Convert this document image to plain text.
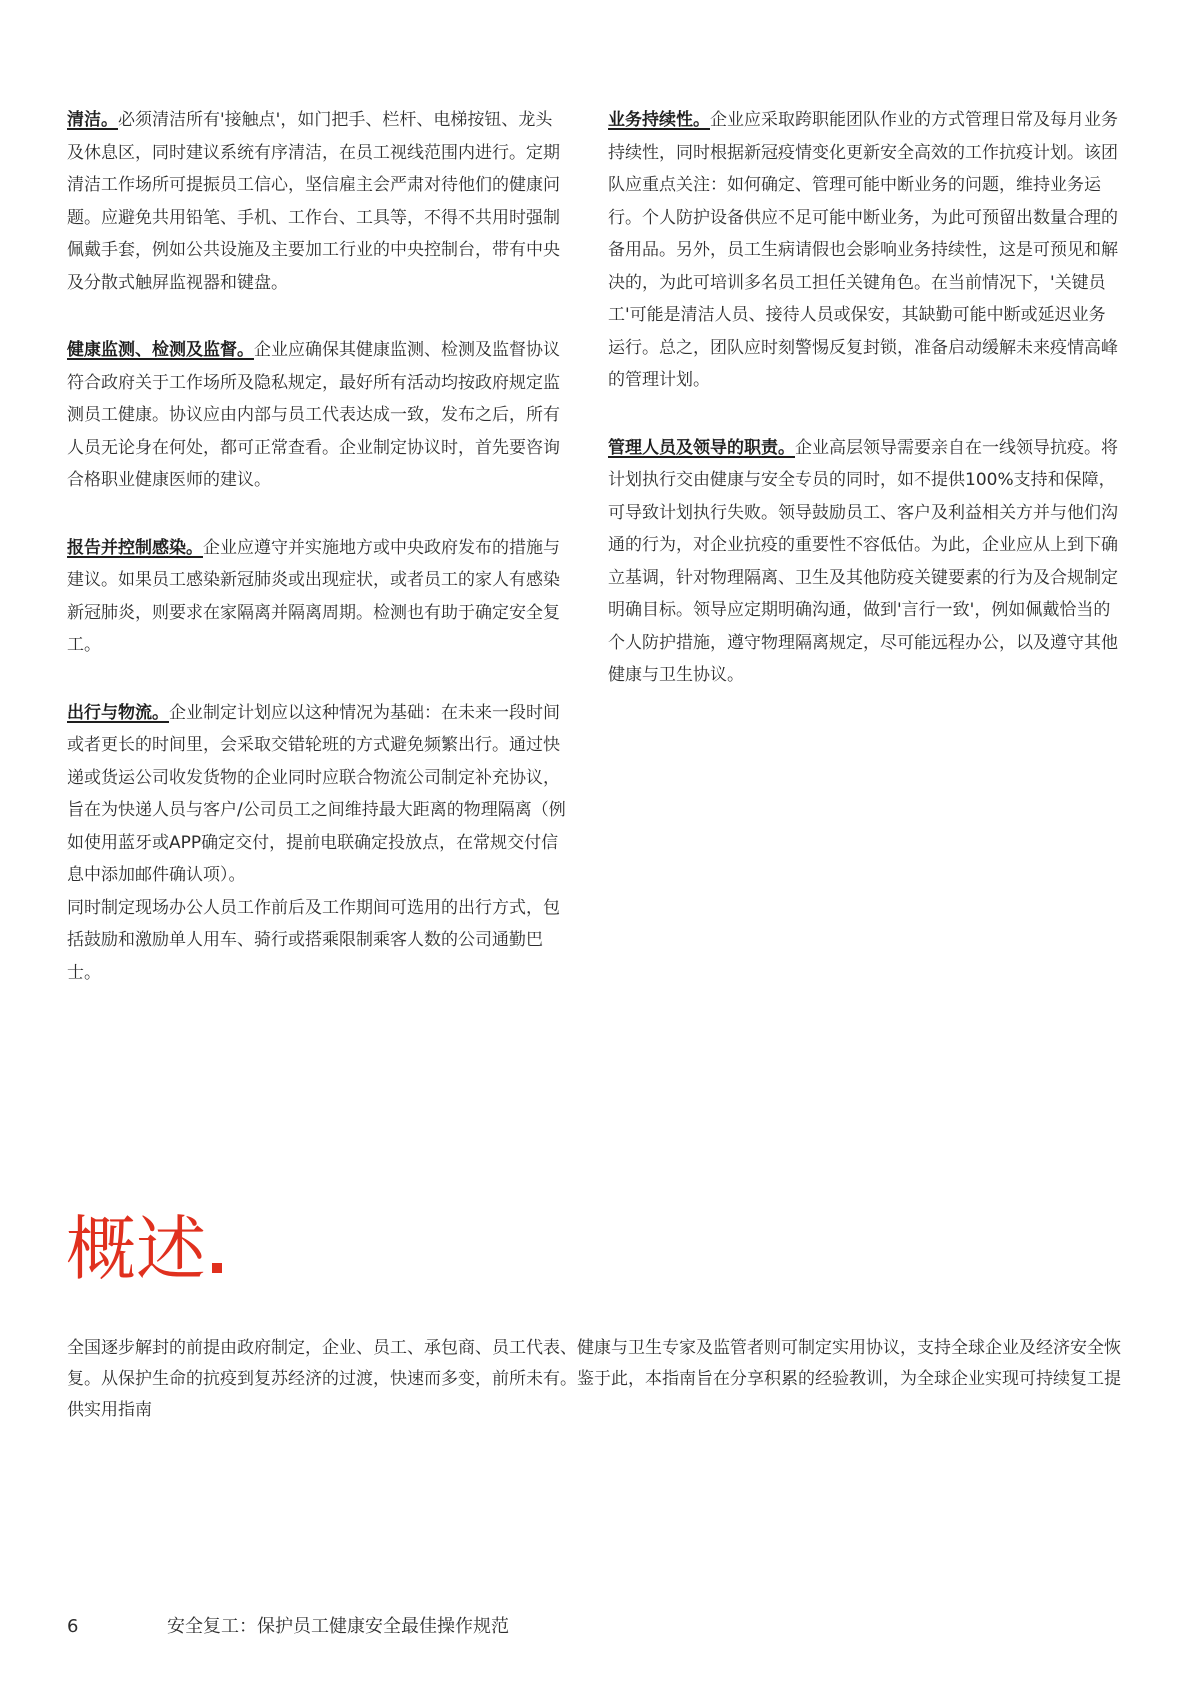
清洁。必须清洁所有'接触点'，如门把手、栏杆、电梯按钮、龙头及休息区，同时建议系统有序清洁，在员工视线范围内进行。定期清洁工作场所可提振员工信心，坚信雇主会严肃对待他们的健康问题。应避免共用铅笔、手机、工作台、工具等，不得不共用时强制佩戴手套，例如公共设施及主要加工行业的中央控制台，带有中央及分散式触屏监视器和键盘。

健康监测、检测及监督。企业应确保其健康监测、检测及监督协议符合政府关于工作场所及隐私规定，最好所有活动均按政府规定监测员工健康。协议应由内部与员工代表达成一致，发布之后，所有人员无论身在何处，都可正常查看。企业制定协议时，首先要咨询合格职业健康医师的建议。

报告并控制感染。企业应遵守并实施地方或中央政府发布的措施与建议。如果员工感染新冠肺炎或出现症状，或者员工的家人有感染新冠肺炎，则要求在家隔离并隔离周期。检测也有助于确定安全复工。

出行与物流。企业制定计划应以这种情况为基础：在未来一段时间或者更长的时间里，会采取交错轮班的方式避免频繁出行。通过快递或货运公司收发货物的企业同时应联合物流公司制定补充协议，旨在为快递人员与客户/公司员工之间维持最大距离的物理隔离（例如使用蓝牙或APP确定交付，提前电联确定投放点，在常规交付信息中添加邮件确认项）。
同时制定现场办公人员工作前后及工作期间可选用的出行方式，包括鼓励和激励单人用车、骑行或搭乘限制乘客人数的公司通勤巴士。

业务持续性。企业应采取跨职能团队作业的方式管理日常及每月业务持续性，同时根据新冠疫情变化更新安全高效的工作抗疫计划。该团队应重点关注：如何确定、管理可能中断业务的问题，维持业务运行。个人防护设备供应不足可能中断业务，为此可预留出数量合理的备用品。另外，员工生病请假也会影响业务持续性，这是可预见和解决的，为此可培训多名员工担任关键角色。在当前情况下，'关键员工'可能是清洁人员、接待人员或保安，其缺勤可能中断或延迟业务运行。总之，团队应时刻警惕反复封锁，准备启动缓解未来疫情高峰的管理计划。

管理人员及领导的职责。企业高层领导需要亲自在一线领导抗疫。将计划执行交由健康与安全专员的同时，如不提供100%支持和保障，可导致计划执行失败。领导鼓励员工、客户及利益相关方并与他们沟通的行为，对企业抗疫的重要性不容低估。为此，企业应从上到下确立基调，针对物理隔离、卫生及其他防疫关键要素的行为及合规制定明确目标。领导应定期明确沟通，做到'言行一致'，例如佩戴恰当的个人防护措施，遵守物理隔离规定，尽可能远程办公，以及遵守其他健康与卫生协议。

概述

全国逐步解封的前提由政府制定，企业、员工、承包商、员工代表、健康与卫生专家及监管者则可制定实用协议，支持全球企业及经济安全恢复。从保护生命的抗疫到复苏经济的过渡，快速而多变，前所未有。鉴于此，本指南旨在分享积累的经验教训，为全球企业实现可持续复工提供实用指南

6	安全复工：保护员工健康安全最佳操作规范
